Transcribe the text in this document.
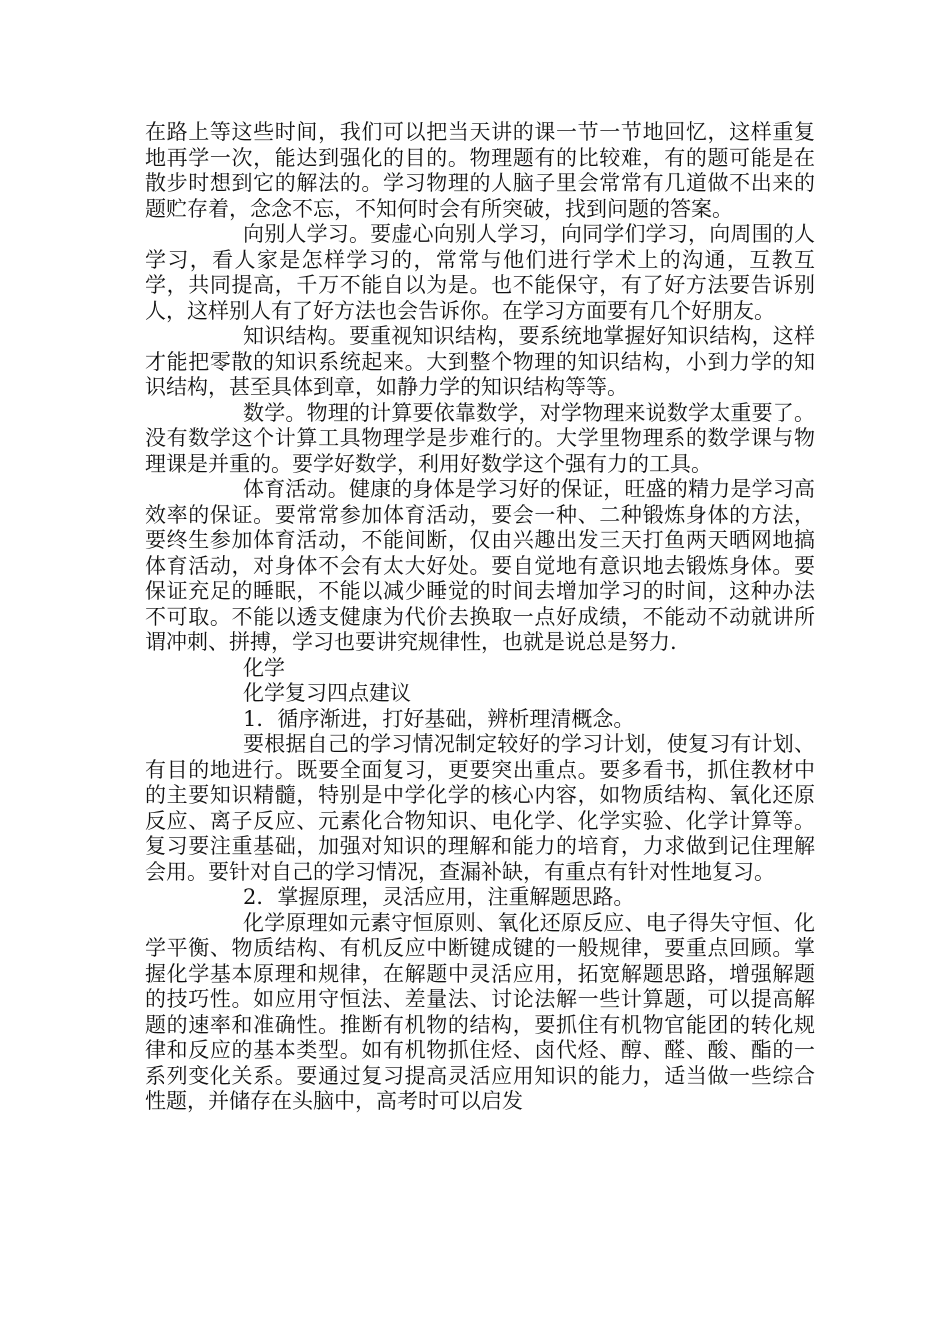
在路上等这些时间，我们可以把当天讲的课一节一节地回忆，这样重复地再学一次，能达到强化的目的。物理题有的比较难，有的题可能是在散步时想到它的解法的。学习物理的人脑子里会常常有几道做不出来的题贮存着，念念不忘，不知何时会有所突破，找到问题的答案。

向别人学习。要虚心向别人学习，向同学们学习，向周围的人学习，看人家是怎样学习的，常常与他们进行学术上的沟通，互教互学，共同提高，千万不能自以为是。也不能保守，有了好方法要告诉别人，这样别人有了好方法也会告诉你。在学习方面要有几个好朋友。

知识结构。要重视知识结构，要系统地掌握好知识结构，这样才能把零散的知识系统起来。大到整个物理的知识结构，小到力学的知识结构，甚至具体到章，如静力学的知识结构等等。

数学。物理的计算要依靠数学，对学物理来说数学太重要了。没有数学这个计算工具物理学是步难行的。大学里物理系的数学课与物理课是并重的。要学好数学，利用好数学这个强有力的工具。

体育活动。健康的身体是学习好的保证，旺盛的精力是学习高效率的保证。要常常参加体育活动，要会一种、二种锻炼身体的方法，要终生参加体育活动，不能间断，仅由兴趣出发三天打鱼两天晒网地搞体育活动，对身体不会有太大好处。要自觉地有意识地去锻炼身体。要保证充足的睡眠，不能以减少睡觉的时间去增加学习的时间，这种办法不可取。不能以透支健康为代价去换取一点好成绩，不能动不动就讲所谓冲刺、拼搏，学习也要讲究规律性，也就是说总是努力.

化学

化学复习四点建议

1．循序渐进，打好基础，辨析理清概念。

要根据自己的学习情况制定较好的学习计划，使复习有计划、有目的地进行。既要全面复习，更要突出重点。要多看书，抓住教材中的主要知识精髓，特别是中学化学的核心内容，如物质结构、氧化还原反应、离子反应、元素化合物知识、电化学、化学实验、化学计算等。复习要注重基础，加强对知识的理解和能力的培育，力求做到记住理解会用。要针对自己的学习情况，查漏补缺，有重点有针对性地复习。

2．掌握原理，灵活应用，注重解题思路。

化学原理如元素守恒原则、氧化还原反应、电子得失守恒、化学平衡、物质结构、有机反应中断键成键的一般规律，要重点回顾。掌握化学基本原理和规律，在解题中灵活应用，拓宽解题思路，增强解题的技巧性。如应用守恒法、差量法、讨论法解一些计算题，可以提高解题的速率和准确性。推断有机物的结构，要抓住有机物官能团的转化规律和反应的基本类型。如有机物抓住烃、卤代烃、醇、醛、酸、酯的一系列变化关系。要通过复习提高灵活应用知识的能力，适当做一些综合性题，并储存在头脑中，高考时可以启发
